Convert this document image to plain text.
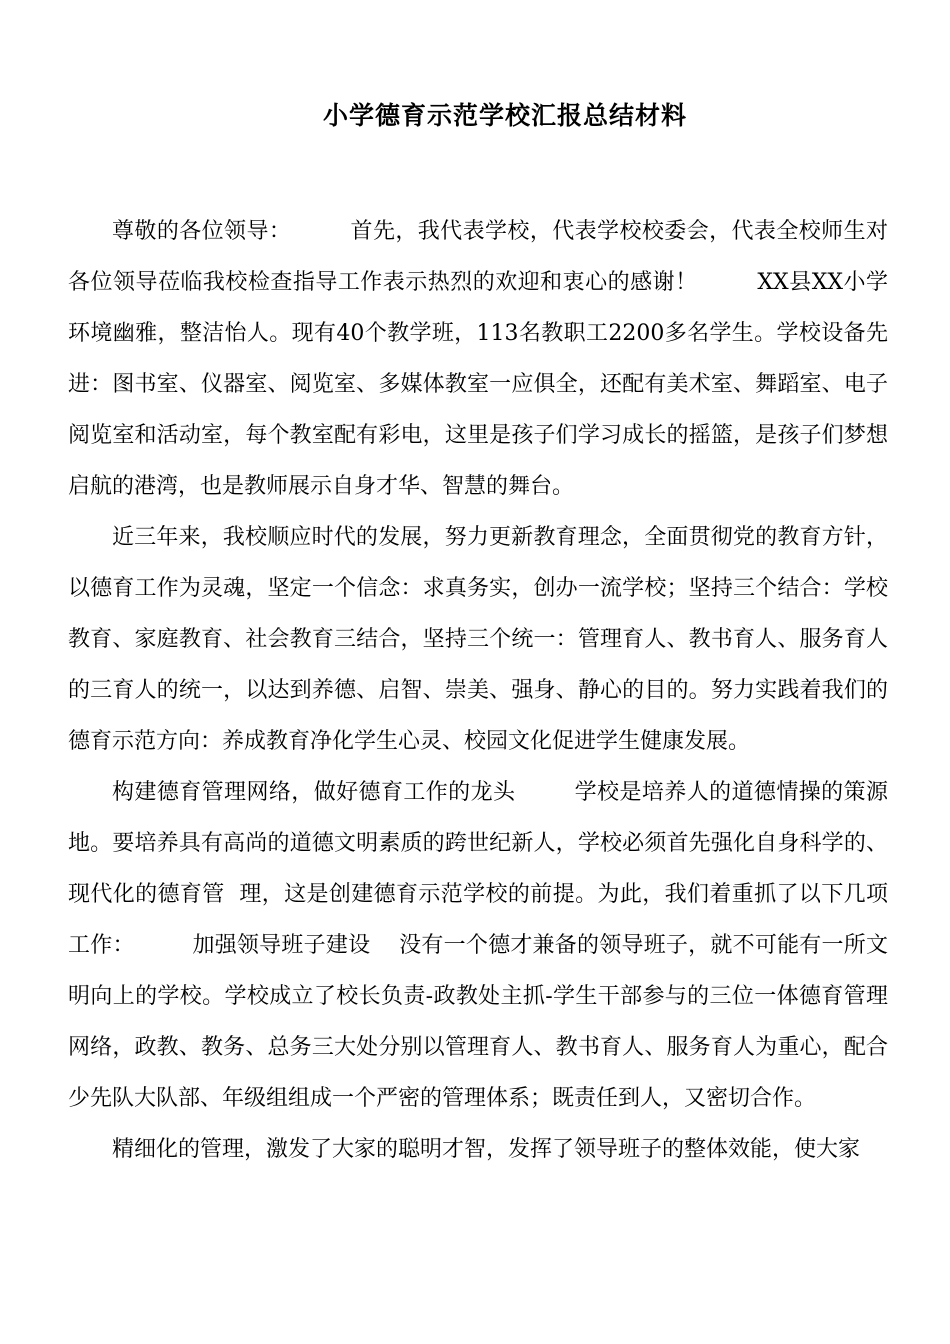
小学德育示范学校汇报总结材料

尊敬的各位领导：        首先，我代表学校，代表学校校委会，代表全校师生对各位领导莅临我校检查指导工作表示热烈的欢迎和衷心的感谢！        XX县XX小学环境幽雅，整洁怡人。现有40个教学班，113名教职工2200多名学生。学校设备先进：图书室、仪器室、阅览室、多媒体教室一应俱全，还配有美术室、舞蹈室、电子阅览室和活动室，每个教室配有彩电，这里是孩子们学习成长的摇篮，是孩子们梦想启航的港湾，也是教师展示自身才华、智慧的舞台。

近三年来，我校顺应时代的发展，努力更新教育理念，全面贯彻党的教育方针，以德育工作为灵魂，坚定一个信念：求真务实，创办一流学校；坚持三个结合：学校教育、家庭教育、社会教育三结合，坚持三个统一：管理育人、教书育人、服务育人的三育人的统一，以达到养德、启智、崇美、强身、静心的目的。努力实践着我们的德育示范方向：养成教育净化学生心灵、校园文化促进学生健康发展。

构建德育管理网络，做好德育工作的龙头        学校是培养人的道德情操的策源地。要培养具有高尚的道德文明素质的跨世纪新人，学校必须首先强化自身科学的、现代化的德育管  理，这是创建德育示范学校的前提。为此，我们着重抓了以下几项工作：        加强领导班子建设    没有一个德才兼备的领导班子，就不可能有一所文明向上的学校。学校成立了校长负责-政教处主抓-学生干部参与的三位一体德育管理网络，政教、教务、总务三大处分别以管理育人、教书育人、服务育人为重心，配合少先队大队部、年级组组成一个严密的管理体系；既责任到人，又密切合作。

精细化的管理，激发了大家的聪明才智，发挥了领导班子的整体效能，使大家
